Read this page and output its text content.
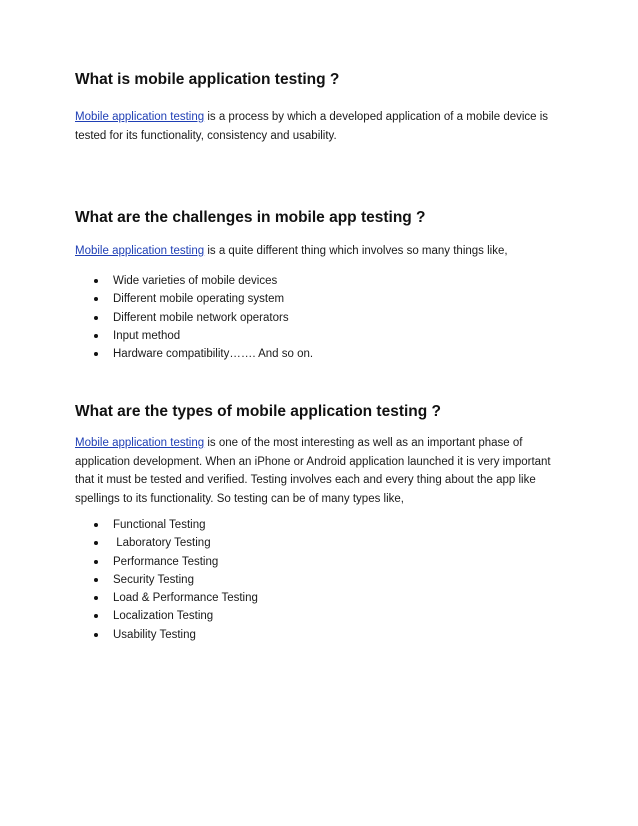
What is mobile application testing ?

Mobile application testing is a process by which a developed application of a mobile device is
tested for its functionality, consistency and usability.

What are the challenges in mobile app testing ?

Mobile application testing is a quite different thing which involves so many things like,

Wide varieties of mobile devices
Different mobile operating system
Different mobile network operators
Input method
Hardware compatibility……. And so on.
What are the types of mobile application testing ?

Mobile application testing is one of the most interesting as well as an important phase of
application development. When an iPhone or Android application launched it is very important
that it must be tested and verified. Testing involves each and every thing about the app like
spellings to its functionality. So testing can be of many types like,

Functional Testing
Laboratory Testing
Performance Testing
Security Testing
Load & Performance Testing
Localization Testing
Usability Testing
